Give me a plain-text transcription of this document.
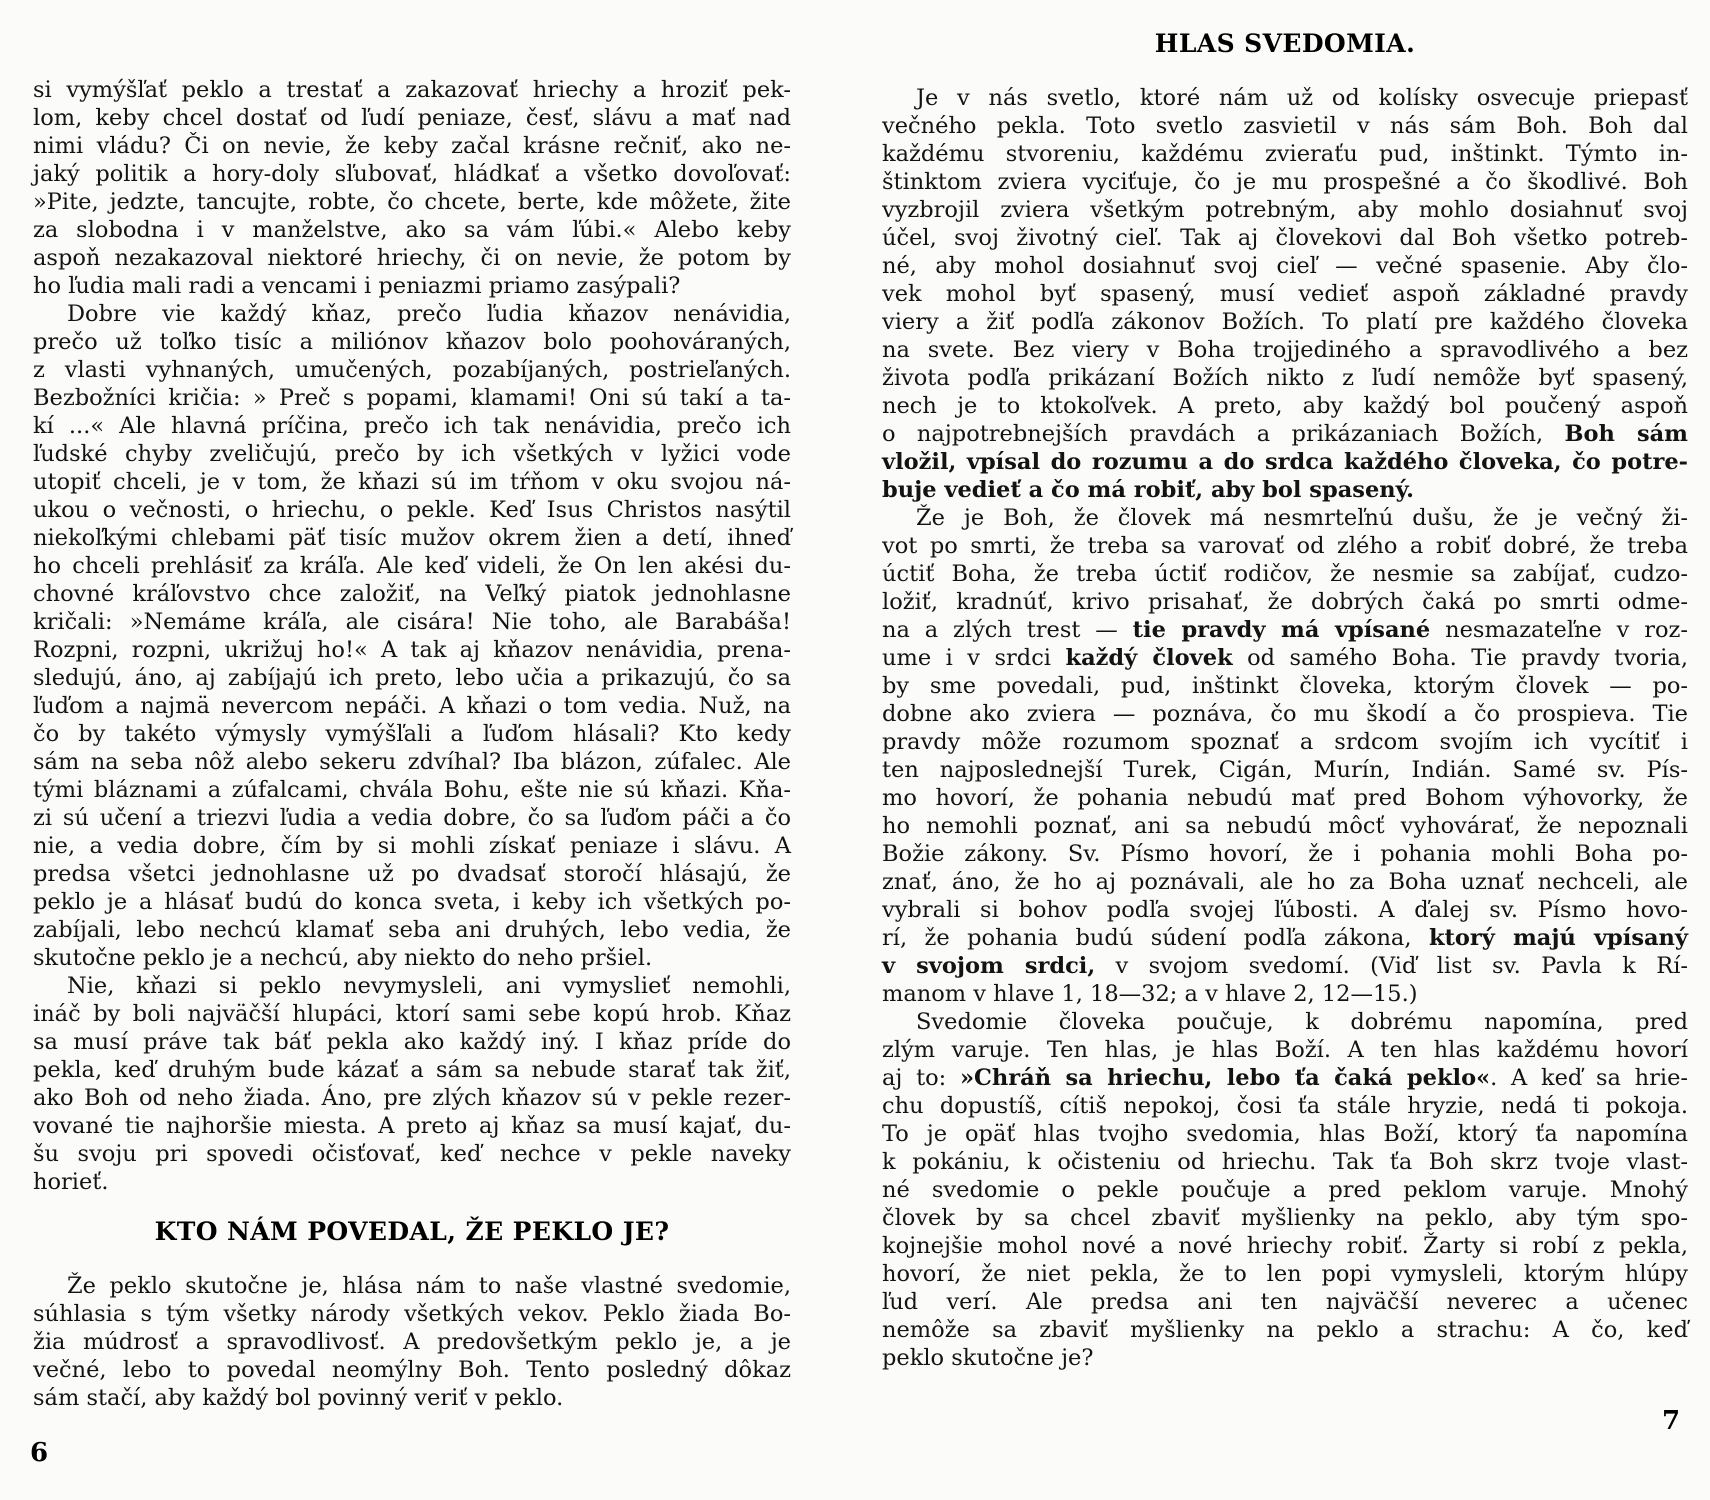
si vymýšľať peklo a trestať a zakazovať hriechy a hroziť pek-
lom, keby chcel dostať od ľudí peniaze, česť, slávu a mať nad
nimi vládu? Či on nevie, že keby začal krásne rečniť, ako ne-
jaký politik a hory-doly sľubovať, hládkať a všetko dovoľovať:
»Pite, jedzte, tancujte, robte, čo chcete, berte, kde môžete, žite
za slobodna i v manželstve, ako sa vám ľúbi.« Alebo keby
aspoň nezakazoval niektoré hriechy, či on nevie, že potom by
ho ľudia mali radi a vencami i peniazmi priamo zasýpali?
Dobre vie každý kňaz, prečo ľudia kňazov nenávidia,
prečo už toľko tisíc a miliónov kňazov bolo poohováraných,
z vlasti vyhnaných, umučených, pozabíjaných, postrieľaných.
Bezbožníci kričia: » Preč s popami, klamami! Oni sú takí a ta-
kí ...« Ale hlavná príčina, prečo ich tak nenávidia, prečo ich
ľudské chyby zveličujú, prečo by ich všetkých v lyžici vode
utopiť chceli, je v tom, že kňazi sú im tŕňom v oku svojou ná-
ukou o večnosti, o hriechu, o pekle. Keď Isus Christos nasýtil
niekoľkými chlebami päť tisíc mužov okrem žien a detí, ihneď
ho chceli prehlásiť za kráľa. Ale keď videli, že On len akési du-
chovné kráľovstvo chce založiť, na Veľký piatok jednohlasne
kričali: »Nemáme kráľa, ale cisára! Nie toho, ale Barabáša!
Rozpni, rozpni, ukrižuj ho!« A tak aj kňazov nenávidia, prena-
sledujú, áno, aj zabíjajú ich preto, lebo učia a prikazujú, čo sa
ľuďom a najmä nevercom nepáči. A kňazi o tom vedia. Nuž, na
čo by takéto výmysly vymýšľali a ľuďom hlásali? Kto kedy
sám na seba nôž alebo sekeru zdvíhal? Iba blázon, zúfalec. Ale
tými bláznami a zúfalcami, chvála Bohu, ešte nie sú kňazi. Kňa-
zi sú učení a triezvi ľudia a vedia dobre, čo sa ľuďom páči a čo
nie, a vedia dobre, čím by si mohli získať peniaze i slávu. A
predsa všetci jednohlasne už po dvadsať storočí hlásajú, že
peklo je a hlásať budú do konca sveta, i keby ich všetkých po-
zabíjali, lebo nechcú klamať seba ani druhých, lebo vedia, že
skutočne peklo je a nechcú, aby niekto do neho pršiel.
Nie, kňazi si peklo nevymysleli, ani vymyslieť nemohli,
ináč by boli najväčší hlupáci, ktorí sami sebe kopú hrob. Kňaz
sa musí práve tak báť pekla ako každý iný. I kňaz príde do
pekla, keď druhým bude kázať a sám sa nebude starať tak žiť,
ako Boh od neho žiada. Áno, pre zlých kňazov sú v pekle rezer-
vované tie najhoršie miesta. A preto aj kňaz sa musí kajať, du-
šu svoju pri spovedi očisťovať, keď nechce v pekle naveky
horieť.
KTO NÁM POVEDAL, ŽE PEKLO JE?
Že peklo skutočne je, hlása nám to naše vlastné svedomie,
súhlasia s tým všetky národy všetkých vekov. Peklo žiada Bo-
žia múdrosť a spravodlivosť. A predovšetkým peklo je, a je
večné, lebo to povedal neomýlny Boh. Tento posledný dôkaz
sám stačí, aby každý bol povinný veriť v peklo.
HLAS SVEDOMIA.
Je v nás svetlo, ktoré nám už od kolísky osvecuje priepasť
večného pekla. Toto svetlo zasvietil v nás sám Boh. Boh dal
každému stvoreniu, každému zvieraťu pud, inštinkt. Týmto in-
štinktom zviera vyciťuje, čo je mu prospešné a čo škodlivé. Boh
vyzbrojil zviera všetkým potrebným, aby mohlo dosiahnuť svoj
účel, svoj životný cieľ. Tak aj človekovi dal Boh všetko potreb-
né, aby mohol dosiahnuť svoj cieľ — večné spasenie. Aby člo-
vek mohol byť spasený, musí vedieť aspoň základné pravdy
viery a žiť podľa zákonov Božích. To platí pre každého človeka
na svete. Bez viery v Boha trojjediného a spravodlivého a bez
života podľa prikázaní Božích nikto z ľudí nemôže byť spasený,
nech je to ktokoľvek. A preto, aby každý bol poučený aspoň
o najpotrebnejších pravdách a prikázaniach Božích, Boh sám
vložil, vpísal do rozumu a do srdca každého človeka, čo potre-
buje vedieť a čo má robiť, aby bol spasený.
Že je Boh, že človek má nesmrteľnú dušu, že je večný ži-
vot po smrti, že treba sa varovať od zlého a robiť dobré, že treba
úctiť Boha, že treba úctiť rodičov, že nesmie sa zabíjať, cudzo-
ložiť, kradnúť, krivo prisahať, že dobrých čaká po smrti odme-
na a zlých trest — tie pravdy má vpísané nesmazateľne v roz-
ume i v srdci každý človek od samého Boha. Tie pravdy tvoria,
by sme povedali, pud, inštinkt človeka, ktorým človek — po-
dobne ako zviera — poznáva, čo mu škodí a čo prospieva. Tie
pravdy môže rozumom spoznať a srdcom svojím ich vycítiť i
ten najposlednejší Turek, Cigán, Murín, Indián. Samé sv. Pís-
mo hovorí, že pohania nebudú mať pred Bohom výhovorky, že
ho nemohli poznať, ani sa nebudú môcť vyhovárať, že nepoznali
Božie zákony. Sv. Písmo hovorí, že i pohania mohli Boha po-
znať, áno, že ho aj poznávali, ale ho za Boha uznať nechceli, ale
vybrali si bohov podľa svojej ľúbosti. A ďalej sv. Písmo hovo-
rí, že pohania budú súdení podľa zákona, ktorý majú vpísaný
v svojom srdci, v svojom svedomí. (Viď list sv. Pavla k Rí-
manom v hlave 1, 18—32; a v hlave 2, 12—15.)
Svedomie človeka poučuje, k dobrému napomína, pred
zlým varuje. Ten hlas, je hlas Boží. A ten hlas každému hovorí
aj to: »Chráň sa hriechu, lebo ťa čaká peklo«. A keď sa hrie-
chu dopustíš, cítiš nepokoj, čosi ťa stále hryzie, nedá ti pokoja.
To je opäť hlas tvojho svedomia, hlas Boží, ktorý ťa napomína
k pokániu, k očisteniu od hriechu. Tak ťa Boh skrz tvoje vlast-
né svedomie o pekle poučuje a pred peklom varuje. Mnohý
človek by sa chcel zbaviť myšlienky na peklo, aby tým spo-
kojnejšie mohol nové a nové hriechy robiť. Žarty si robí z pekla,
hovorí, že niet pekla, že to len popi vymysleli, ktorým hlúpy
ľud verí. Ale predsa ani ten najväčší neverec a učenec
nemôže sa zbaviť myšlienky na peklo a strachu: A čo, keď
peklo skutočne je?
6
7
